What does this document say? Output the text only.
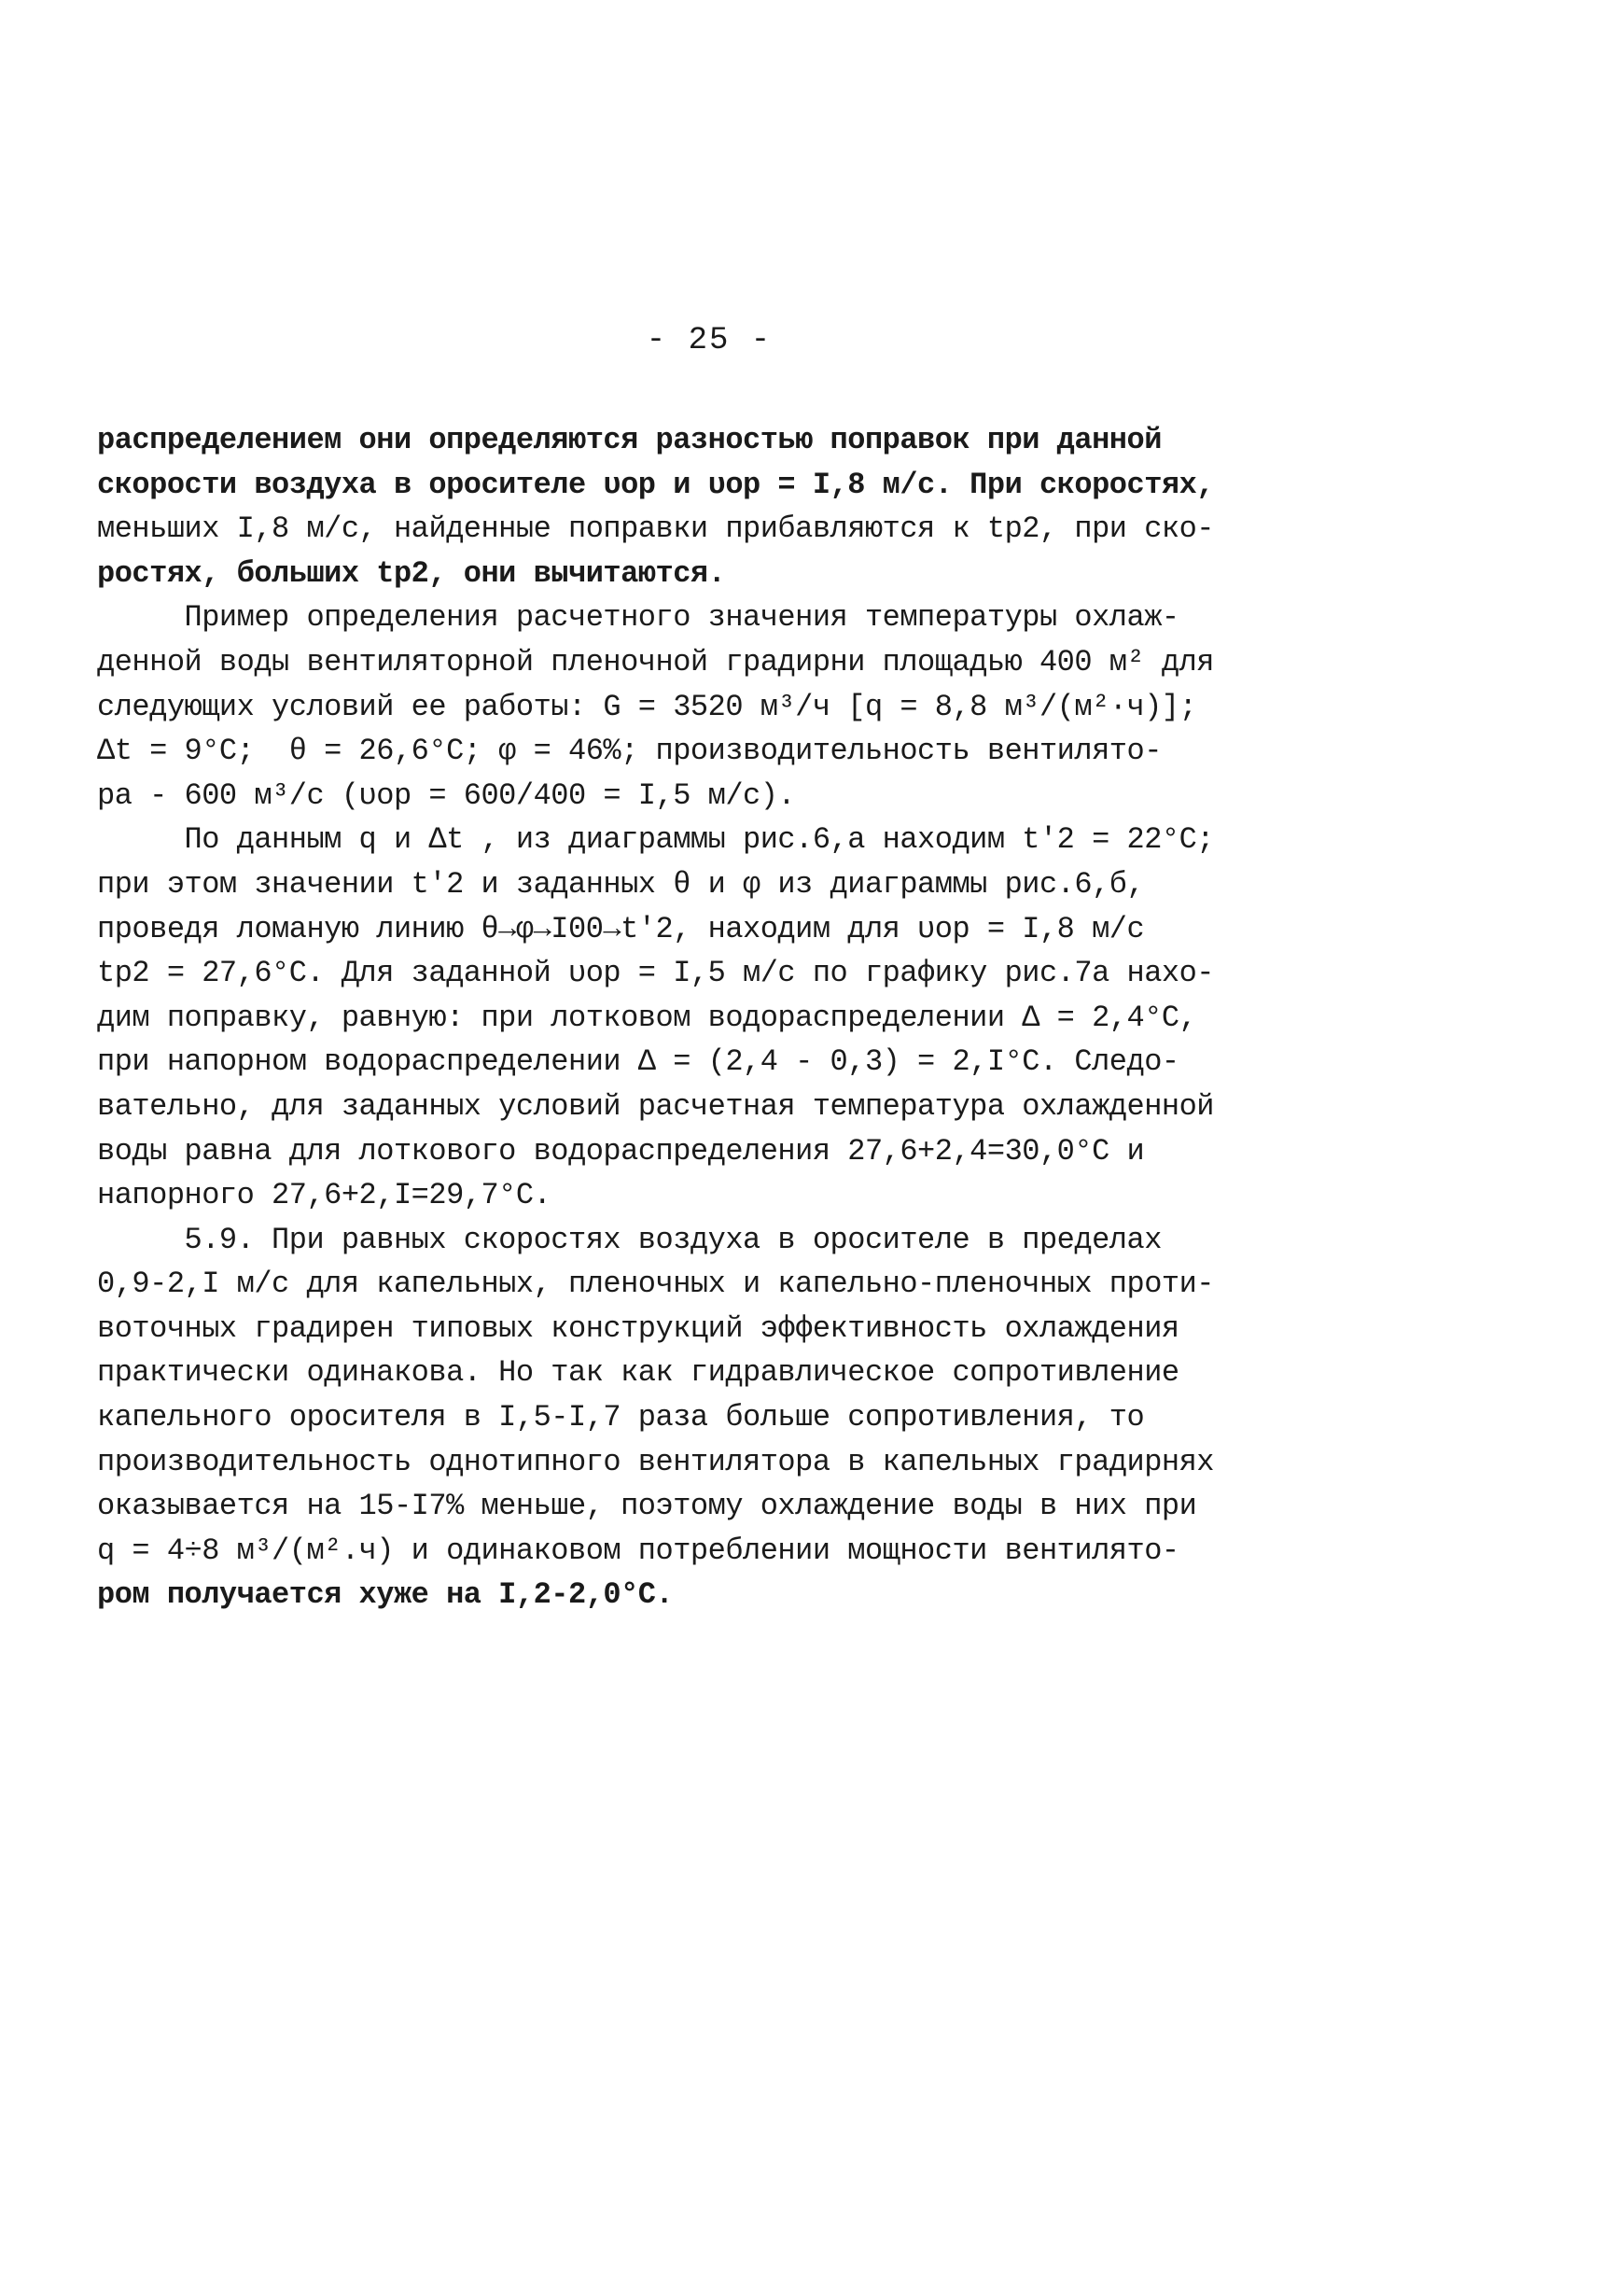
- 25 -
распределением они определяются разностью поправок при данной
скорости воздуха в оросителе υор и υор = I,8 м/с. При скоростях,
меньших I,8 м/с, найденные поправки прибавляются к tр2, при ско-
ростях, больших tр2, они вычитаются.
Пример определения расчетного значения температуры охлаж-
денной воды вентиляторной пленочной градирни площадью 400 м² для
следующих условий ее работы: G = 3520 м³/ч [q = 8,8 м³/(м²·ч)];
Δt = 9°С;  θ = 26,6°С; φ = 46%; производительность вентилято-
ра - 600 м³/с (υор = 600/400 = I,5 м/с).
По данным q и Δt , из диаграммы рис.6,а находим t'2 = 22°С;
при этом значении t'2 и заданных θ и φ из диаграммы рис.6,б,
проведя ломаную линию θ→φ→I00→t'2, находим для υор = I,8 м/с
tр2 = 27,6°С. Для заданной υор = I,5 м/с по графику рис.7а нахо-
дим поправку, равную: при лотковом водораспределении Δ = 2,4°С,
при напорном водораспределении Δ = (2,4 - 0,3) = 2,I°С. Следо-
вательно, для заданных условий расчетная температура охлажденной
воды равна для лоткового водораспределения 27,6+2,4=30,0°С и
напорного 27,6+2,I=29,7°С.
5.9. При равных скоростях воздуха в оросителе в пределах
0,9-2,I м/с для капельных, пленочных и капельно-пленочных проти-
воточных градирен типовых конструкций эффективность охлаждения
практически одинакова. Но так как гидравлическое сопротивление
капельного оросителя в I,5-I,7 раза больше сопротивления, то
производительность однотипного вентилятора в капельных градирнях
оказывается на 15-I7% меньше, поэтому охлаждение воды в них при
q = 4÷8 м³/(м².ч) и одинаковом потреблении мощности вентилято-
ром получается хуже на I,2-2,0°С.
